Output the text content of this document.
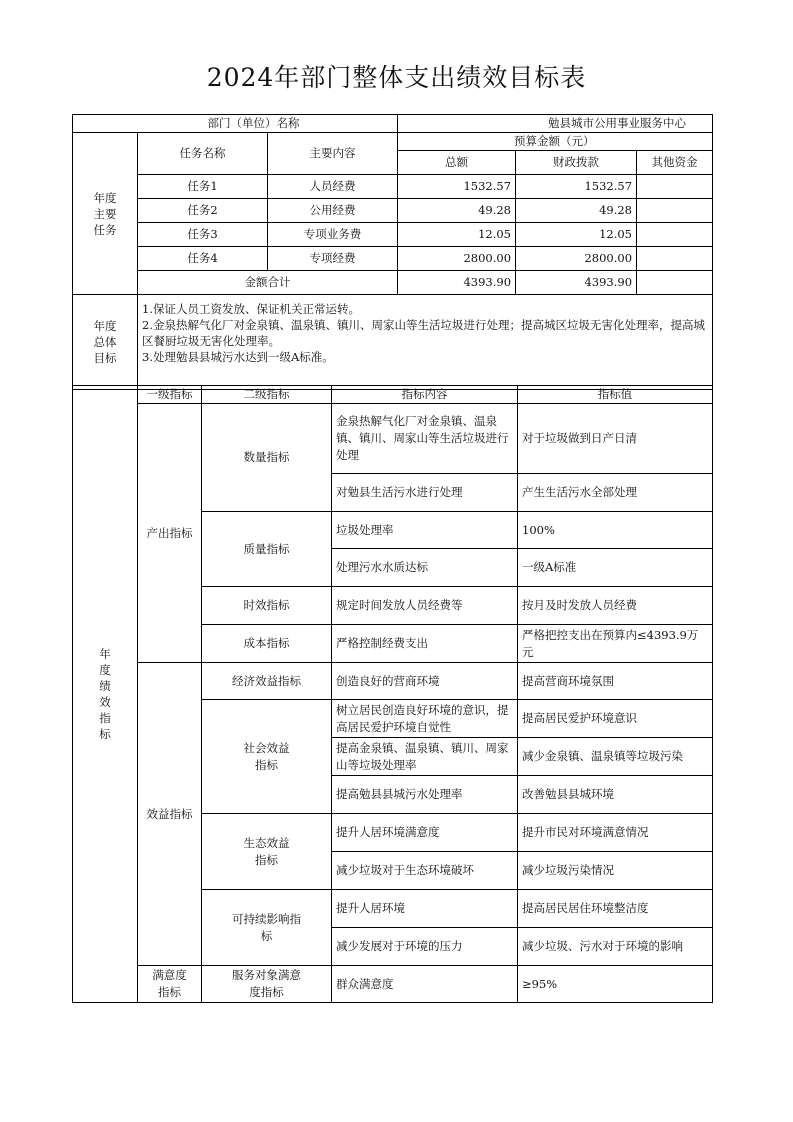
2024年部门整体支出绩效目标表
部门（单位）名称			勉县城市公用事业服务中心		
年度主要任务	任务名称	主要内容	预算金额（元）		
			总额	财政拨款	其他资金
	任务1	人员经费	1532.57	1532.57	
	任务2	公用经费	49.28	49.28	
	任务3	专项业务费	12.05	12.05	
	任务4	专项经费	2800.00	2800.00	
	金额合计		4393.90	4393.90	
年度总体目标	1.保证人员工资发放、保证机关正常运转。
2.金泉热解气化厂对金泉镇、温泉镇、镇川、周家山等生活垃圾进行处理；提高城区垃圾无害化处理率，提高城区餐厨垃圾无害化处理率。
3.处理勉县县城污水达到一级A标准。				
年度绩效指标	一级指标	二级指标	指标内容	指标值
	产出指标	数量指标	金泉热解气化厂对金泉镇、温泉镇、镇川、周家山等生活垃圾进行处理	对于垃圾做到日产日清
			对勉县生活污水进行处理	产生生活污水全部处理
		质量指标	垃圾处理率	100%
			处理污水水质达标	一级A标准
		时效指标	规定时间发放人员经费等	按月及时发放人员经费
		成本指标	严格控制经费支出	严格把控支出在预算内≤4393.9万元
	效益指标	经济效益指标	创造良好的营商环境	提高营商环境氛围
		社会效益指标	树立居民创造良好环境的意识，提高居民爱护环境自觉性	提高居民爱护环境意识
			提高金泉镇、温泉镇、镇川、周家山等垃圾处理率	减少金泉镇、温泉镇等垃圾污染
			提高勉县县城污水处理率	改善勉县县城环境
		生态效益指标	提升人居环境满意度	提升市民对环境满意情况
			减少垃圾对于生态环境破坏	减少垃圾污染情况
		可持续影响指标	提升人居环境	提高居民居住环境整洁度
			减少发展对于环境的压力	减少垃圾、污水对于环境的影响
	满意度指标	服务对象满意度指标	群众满意度	≥95%
